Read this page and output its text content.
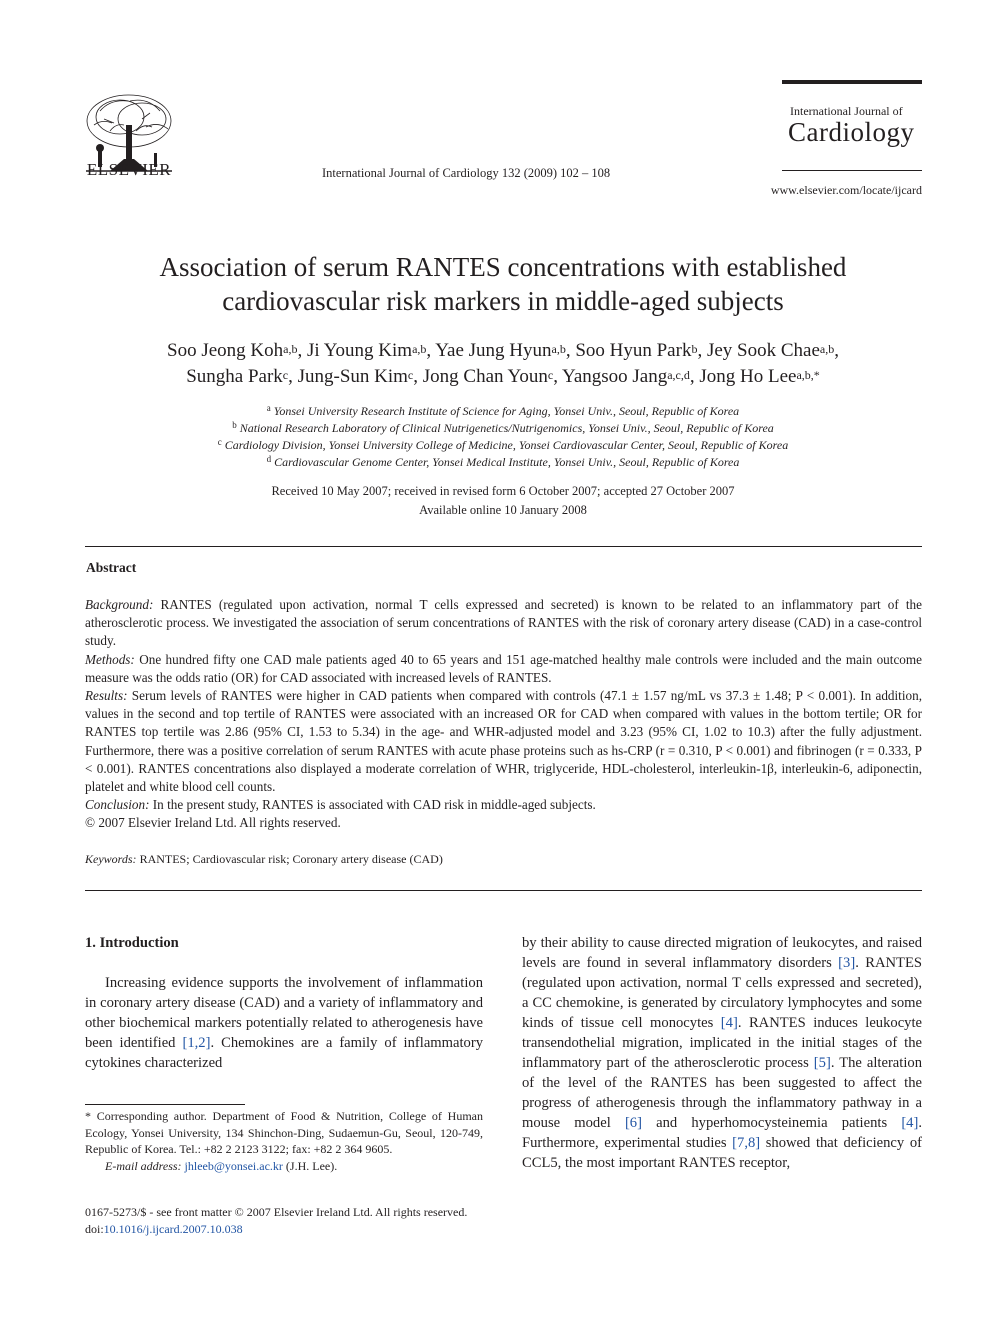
ELSEVIER	International Journal of Cardiology 132 (2009) 102 – 108
International Journal of
Cardiology
www.elsevier.com/locate/ijcard
Association of serum RANTES concentrations with established
cardiovascular risk markers in middle-aged subjects
Soo Jeong Koh$^{a,b}$, Ji Young Kim$^{a,b}$, Yae Jung Hyun$^{a,b}$, Soo Hyun Park$^b$, Jey Sook Chae$^{a,b}$,
Sungha Park$^c$, Jung-Sun Kim$^c$, Jong Chan Youn$^c$, Yangsoo Jang$^{a,c,d}$, Jong Ho Lee$^{a,b,*}$
$^a$ Yonsei University Research Institute of Science for Aging, Yonsei Univ., Seoul, Republic of Korea
$^b$ National Research Laboratory of Clinical Nutrigenetics/Nutrigenomics, Yonsei Univ., Seoul, Republic of Korea
$^c$ Cardiology Division, Yonsei University College of Medicine, Yonsei Cardiovascular Center, Seoul, Republic of Korea
$^d$ Cardiovascular Genome Center, Yonsei Medical Institute, Yonsei Univ., Seoul, Republic of Korea
Received 10 May 2007; received in revised form 6 October 2007; accepted 27 October 2007
Available online 10 January 2008
Abstract

Background: RANTES (regulated upon activation, normal T cells expressed and secreted) is known to be related to an inflammatory part of the atherosclerotic process. We investigated the association of serum concentrations of RANTES with the risk of coronary artery disease (CAD) in a case-control study.

Methods: One hundred fifty one CAD male patients aged 40 to 65 years and 151 age-matched healthy male controls were included and the main outcome measure was the odds ratio (OR) for CAD associated with increased levels of RANTES.

Results: Serum levels of RANTES were higher in CAD patients when compared with controls (47.1 ± 1.57 ng/mL vs 37.3 ± 1.48; P < 0.001). In addition, values in the second and top tertile of RANTES were associated with an increased OR for CAD when compared with values in the bottom tertile; OR for RANTES top tertile was 2.86 (95% CI, 1.53 to 5.34) in the age- and WHR-adjusted model and 3.23 (95% CI, 1.02 to 10.3) after the fully adjustment. Furthermore, there was a positive correlation of serum RANTES with acute phase proteins such as hs-CRP (r = 0.310, P < 0.001) and fibrinogen (r = 0.333, P < 0.001). RANTES concentrations also displayed a moderate correlation of WHR, triglyceride, HDL-cholesterol, interleukin-1β, interleukin-6, adiponectin, platelet and white blood cell counts.

Conclusion: In the present study, RANTES is associated with CAD risk in middle-aged subjects.

© 2007 Elsevier Ireland Ltd. All rights reserved.

Keywords: RANTES; Cardiovascular risk; Coronary artery disease (CAD)
1. Introduction

Increasing evidence supports the involvement of inflammation in coronary artery disease (CAD) and a variety of inflammatory and other biochemical markers potentially related to atherogenesis have been identified [1,2]. Chemokines are a family of inflammatory cytokines characterized

by their ability to cause directed migration of leukocytes, and raised levels are found in several inflammatory disorders [3]. RANTES (regulated upon activation, normal T cells expressed and secreted), a CC chemokine, is generated by circulatory lymphocytes and some kinds of tissue cell monocytes [4]. RANTES induces leukocyte transendothelial migration, implicated in the initial stages of the inflammatory part of the atherosclerotic process [5]. The alteration of the level of the RANTES has been suggested to affect the progress of atherogenesis through the inflammatory pathway in a mouse model [6] and hyperhomocysteinemia patients [4]. Furthermore, experimental studies [7,8] showed that deficiency of CCL5, the most important RANTES receptor,

* Corresponding author. Department of Food & Nutrition, College of Human Ecology, Yonsei University, 134 Shinchon-Ding, Sudaemun-Gu, Seoul, 120-749, Republic of Korea. Tel.: +82 2 2123 3122; fax: +82 2 364 9605.

E-mail address: jhleeb@yonsei.ac.kr (J.H. Lee).

0167-5273/$ - see front matter © 2007 Elsevier Ireland Ltd. All rights reserved.
doi:10.1016/j.ijcard.2007.10.038
